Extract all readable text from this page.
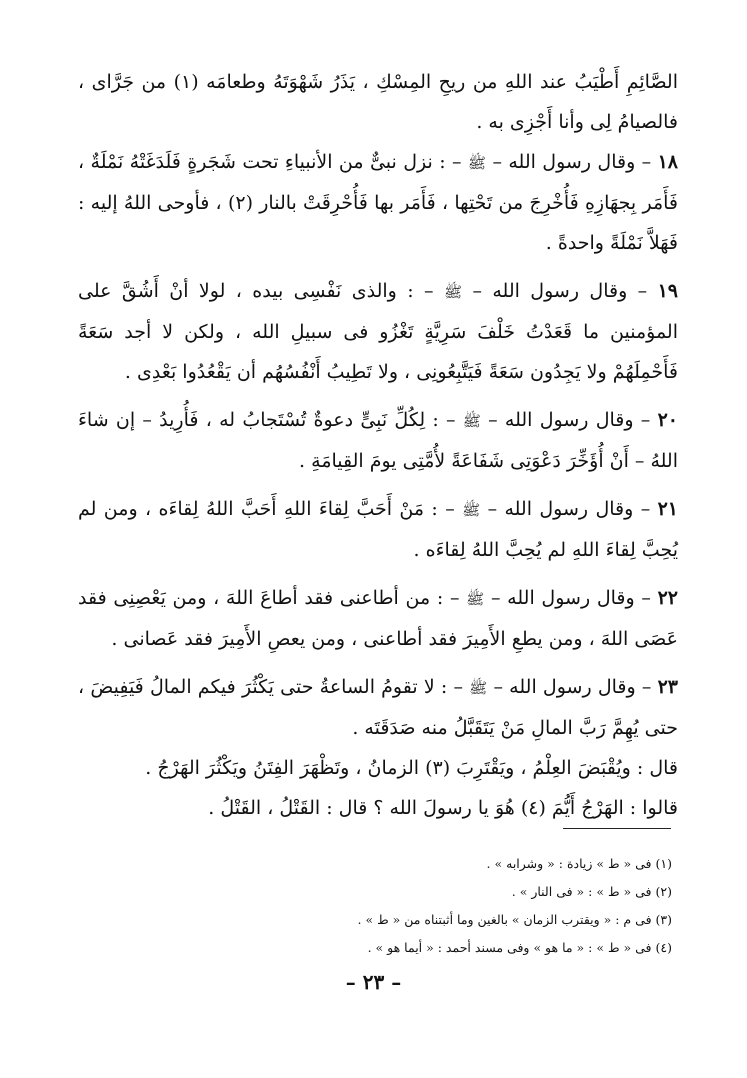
الصَّائِمِ أَطْيَبُ عند اللهِ من ريحِ المِسْكِ ، يَذَرُ شَهْوَتَهُ وطعامَه (١) من جَرَّاى ، فالصيامُ لِى وأنا أَجْزِى به .

١٨ – وقال رسول الله – ﷺ – : نزل نبىٌّ من الأنبياءِ تحت شَجَرةٍ فَلَدَغَتْهُ نَمْلَةٌ ، فَأَمَر بِجهَازِهِ فَأُخْرِجَ من تَحْتِها ، فَأَمَر بها فَأُحْرِقَتْ بالنار (٢) ، فأوحى اللهُ إليه : فَهَلاَّ نَمْلَةً واحدةً .

١٩ – وقال رسول الله – ﷺ – : والذى نَفْسِى بيده ، لولا أنْ أَشُقَّ على المؤمنين ما قَعَدْتُ خَلْفَ سَرِيَّةٍ تَغْزُو فى سبيلِ الله ، ولكن لا أجد سَعَةً فَأَحْمِلَهُمْ ولا يَجِدُون سَعَةً فَيَتَّبِعُونِى ، ولا تَطِيبُ أَنْفُسُهُم أن يَقْعُدُوا بَعْدِى .

٢٠ – وقال رسول الله – ﷺ – : لِكُلِّ نَبِىٍّ دعوةٌ تُسْتَجابُ له ، فَأُرِيدُ – إن شاءَ اللهُ – أَنْ أُؤَخِّرَ دَعْوَتِى شَفَاعَةً لأُمَّتِى يومَ القِيامَةِ .

٢١ – وقال رسول الله – ﷺ – : مَنْ أَحَبَّ لِقاءَ اللهِ أَحَبَّ اللهُ لِقاءَه ، ومن لم يُحِبَّ لِقاءَ اللهِ لم يُحِبَّ اللهُ لِقاءَه .

٢٢ – وقال رسول الله – ﷺ – : من أطاعنى فقد أطاعَ اللهَ ، ومن يَعْصِنِى فقد عَصَى اللهَ ، ومن يطعِ الأَمِيرَ فقد أطاعنى ، ومن يعصِ الأَمِيرَ فقد عَصانى .

٢٣ – وقال رسول الله – ﷺ – : لا تقومُ الساعةُ حتى يَكْثُرَ فيكم المالُ فَيَفِيضَ ، حتى يُهِمَّ رَبَّ المالِ مَنْ يَتَقَبَّلُ منه صَدَقَتَه .

قال : ويُقْبَضَ العِلْمُ ، ويَقْتَرِبَ (٣) الزمانُ ، وتَظْهَرَ الفِتَنُ ويَكْثُرَ الهَرْجُ .

قالوا : الهَرْجُ أَيُّمَ (٤) هُوَ يا رسولَ الله ؟ قال : القَتْلُ ، القَتْلُ .

(١) فى « ط » زيادة : « وشرابه » .

(٢) فى « ط » : « فى النار » .

(٣) فى م : « ويقترب الزمان » بالغين وما أثبتناه من « ط » .

(٤) فى « ط » : « ما هو » وفى مسند أحمد : « أيما هو » .

– ٢٣ –
